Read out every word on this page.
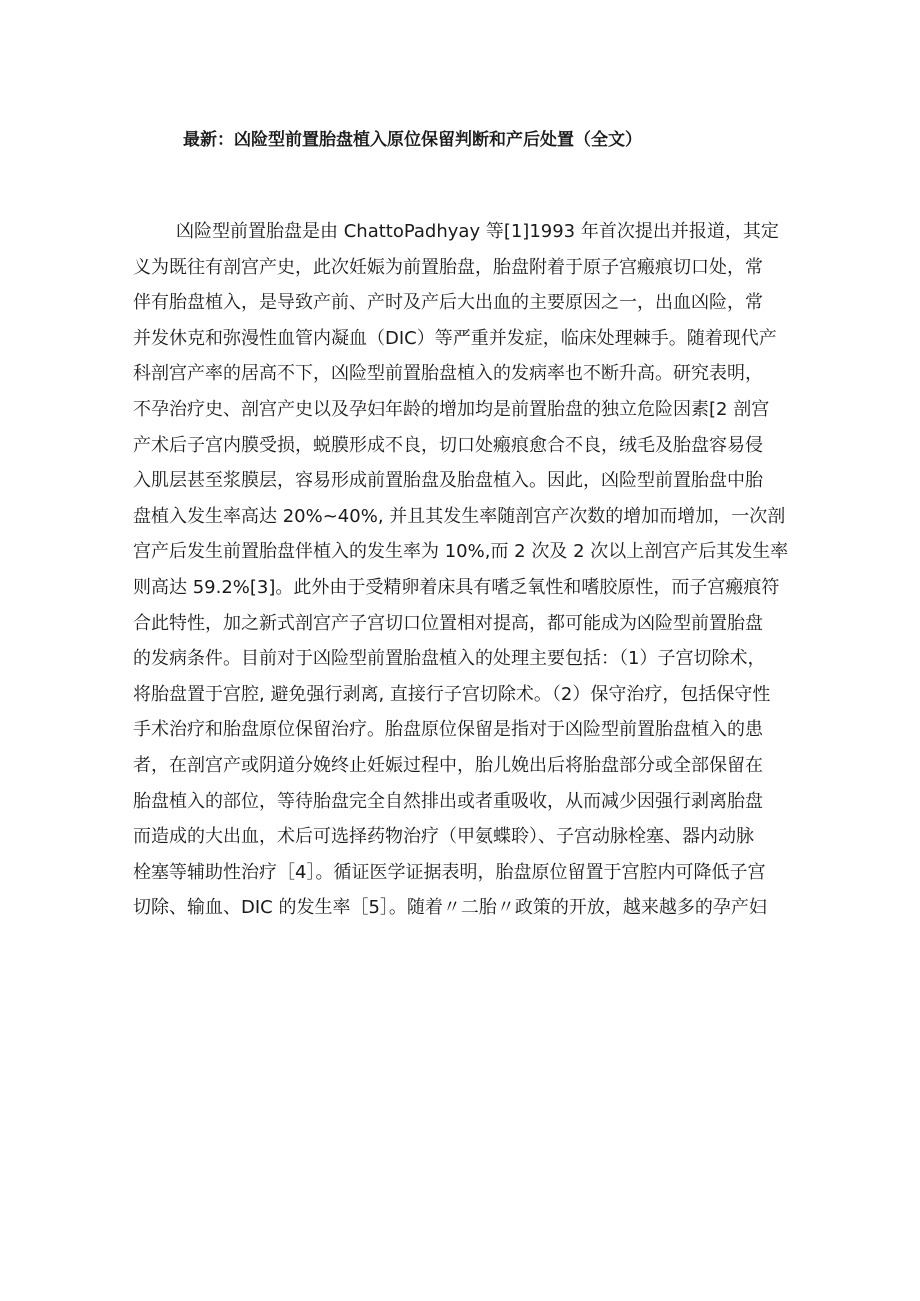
最新：凶险型前置胎盘植入原位保留判断和产后处置（全文）
凶险型前置胎盘是由 ChattoPadhyay 等[1]1993 年首次提出并报道，其定
义为既往有剖宫产史，此次妊娠为前置胎盘，胎盘附着于原子宫瘢痕切口处，常
伴有胎盘植入，是导致产前、产时及产后大出血的主要原因之一，出血凶险，常
并发休克和弥漫性血管内凝血（DIC）等严重并发症，临床处理棘手。随着现代产
科剖宫产率的居高不下，凶险型前置胎盘植入的发病率也不断升高。研究表明，
不孕治疗史、剖宫产史以及孕妇年龄的增加均是前置胎盘的独立危险因素[2 剖宫
产术后子宫内膜受损，蜕膜形成不良，切口处瘢痕愈合不良，绒毛及胎盘容易侵
入肌层甚至浆膜层，容易形成前置胎盘及胎盘植入。因此，凶险型前置胎盘中胎
盘植入发生率高达 20%~40%, 并且其发生率随剖宫产次数的增加而增加，一次剖
宫产后发生前置胎盘伴植入的发生率为 10%,而 2 次及 2 次以上剖宫产后其发生率
则高达 59.2%[3]。此外由于受精卵着床具有嗜乏氧性和嗜胶原性，而子宫瘢痕符
合此特性，加之新式剖宫产子宫切口位置相对提高，都可能成为凶险型前置胎盘
的发病条件。目前对于凶险型前置胎盘植入的处理主要包括：（1）子宫切除术，
将胎盘置于宫腔, 避免强行剥离, 直接行子宫切除术。（2）保守治疗，包括保守性
手术治疗和胎盘原位保留治疗。胎盘原位保留是指对于凶险型前置胎盘植入的患
者，在剖宫产或阴道分娩终止妊娠过程中，胎儿娩出后将胎盘部分或全部保留在
胎盘植入的部位，等待胎盘完全自然排出或者重吸收，从而减少因强行剥离胎盘
而造成的大出血，术后可选择药物治疗（甲氨蝶聆）、子宫动脉栓塞、器内动脉
栓塞等辅助性治疗［4］。循证医学证据表明，胎盘原位留置于宫腔内可降低子宫
切除、输血、DIC 的发生率［5］。随着〃二胎〃政策的开放，越来越多的孕产妇
